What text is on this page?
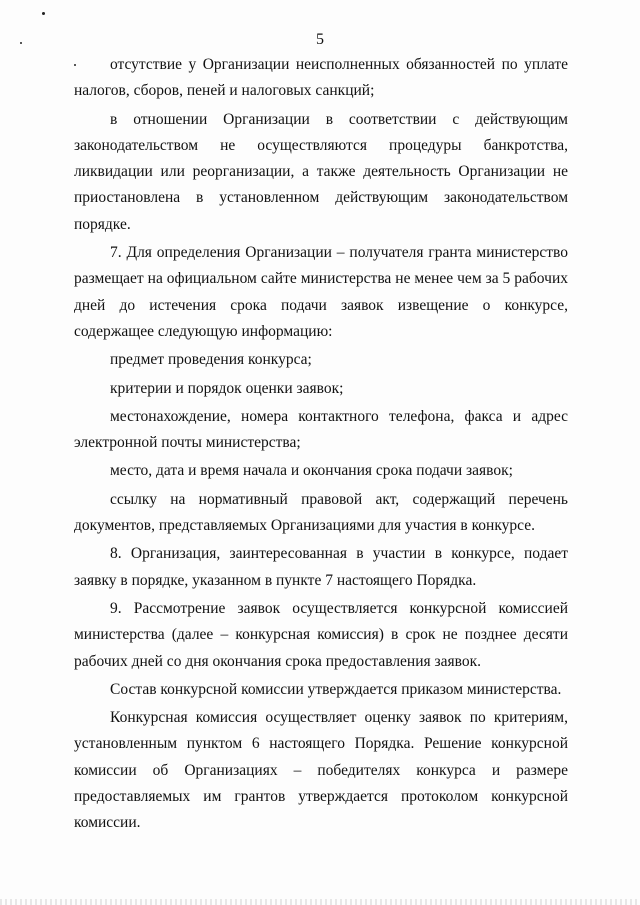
5

отсутствие у Организации неисполненных обязанностей по уплате налогов, сборов, пеней и налоговых санкций;

в отношении Организации в соответствии с действующим законодательством не осуществляются процедуры банкротства, ликвидации или реорганизации, а также деятельность Организации не приостановлена в установленном действующим законодательством порядке.

7. Для определения Организации – получателя гранта министерство размещает на официальном сайте министерства не менее чем за 5 рабочих дней до истечения срока подачи заявок извещение о конкурсе, содержащее следующую информацию:

предмет проведения конкурса;

критерии и порядок оценки заявок;

местонахождение, номера контактного телефона, факса и адрес электронной почты министерства;

место, дата и время начала и окончания срока подачи заявок;

ссылку на нормативный правовой акт, содержащий перечень документов, представляемых Организациями для участия в конкурсе.

8. Организация, заинтересованная в участии в конкурсе, подает заявку в порядке, указанном в пункте 7 настоящего Порядка.

9. Рассмотрение заявок осуществляется конкурсной комиссией министерства (далее – конкурсная комиссия) в срок не позднее десяти рабочих дней со дня окончания срока предоставления заявок.

Состав конкурсной комиссии утверждается приказом министерства.

Конкурсная комиссия осуществляет оценку заявок по критериям, установленным пунктом 6 настоящего Порядка. Решение конкурсной комиссии об Организациях – победителях конкурса и размере предоставляемых им грантов утверждается протоколом конкурсной комиссии.
